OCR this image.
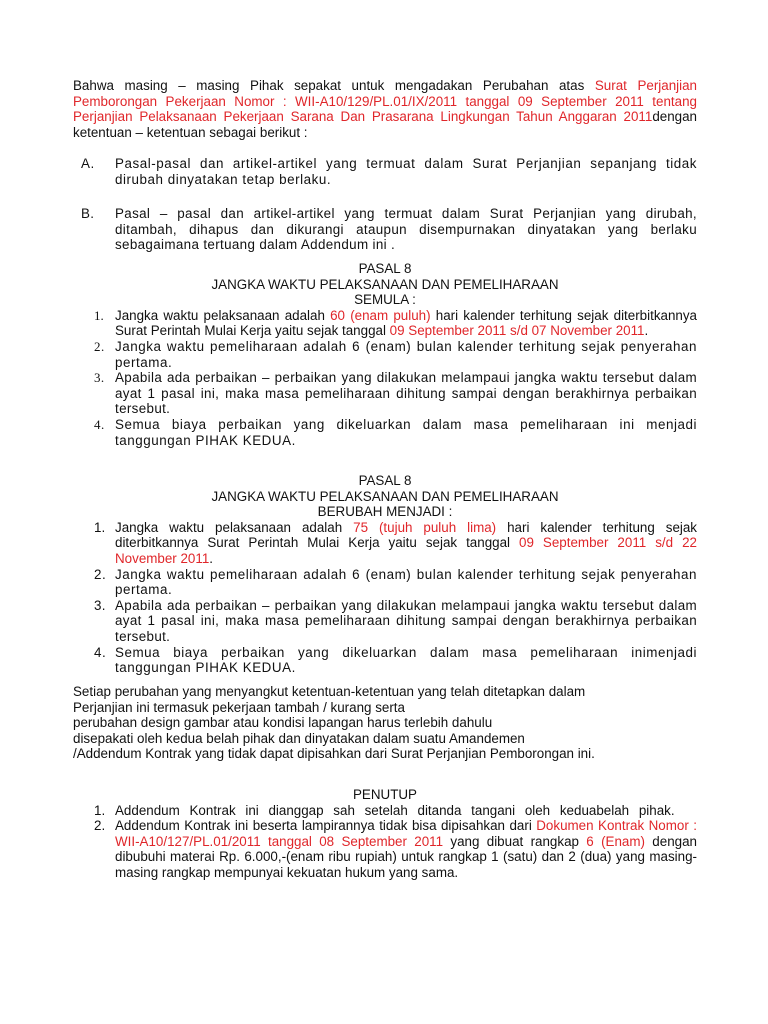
Bahwa masing – masing Pihak sepakat untuk mengadakan Perubahan atas Surat Perjanjian Pemborongan Pekerjaan Nomor : WII-A10/129/PL.01/IX/2011 tanggal 09 September 2011 tentang Perjanjian Pelaksanaan Pekerjaan Sarana Dan Prasarana Lingkungan Tahun Anggaran 2011dengan ketentuan – ketentuan sebagai berikut :
A. Pasal-pasal dan artikel-artikel yang termuat dalam Surat Perjanjian sepanjang tidak dirubah dinyatakan tetap berlaku.
B. Pasal – pasal dan artikel-artikel yang termuat dalam Surat Perjanjian yang dirubah, ditambah, dihapus dan dikurangi ataupun disempurnakan dinyatakan yang berlaku sebagaimana tertuang dalam Addendum ini .
PASAL 8
JANGKA WAKTU PELAKSANAAN DAN PEMELIHARAAN
SEMULA :
1. Jangka waktu pelaksanaan adalah 60 (enam puluh) hari kalender terhitung sejak diterbitkannya Surat Perintah Mulai Kerja yaitu sejak tanggal 09 September 2011 s/d 07 November 2011.
2. Jangka waktu pemeliharaan adalah 6 (enam) bulan kalender terhitung sejak penyerahan pertama.
3. Apabila ada perbaikan – perbaikan yang dilakukan melampaui jangka waktu tersebut dalam ayat 1 pasal ini, maka masa pemeliharaan dihitung sampai dengan berakhirnya perbaikan tersebut.
4. Semua biaya perbaikan yang dikeluarkan dalam masa pemeliharaan ini menjadi tanggungan PIHAK KEDUA.
PASAL 8
JANGKA WAKTU PELAKSANAAN DAN PEMELIHARAAN
BERUBAH MENJADI :
1. Jangka waktu pelaksanaan adalah 75 (tujuh puluh lima) hari kalender terhitung sejak diterbitkannya Surat Perintah Mulai Kerja yaitu sejak tanggal 09 September 2011 s/d 22 November 2011.
2. Jangka waktu pemeliharaan adalah 6 (enam) bulan kalender terhitung sejak penyerahan pertama.
3. Apabila ada perbaikan – perbaikan yang dilakukan melampaui jangka waktu tersebut dalam ayat 1 pasal ini, maka masa pemeliharaan dihitung sampai dengan berakhirnya perbaikan tersebut.
4. Semua biaya perbaikan yang dikeluarkan dalam masa pemeliharaan inimenjadi tanggungan PIHAK KEDUA.
Setiap perubahan yang menyangkut ketentuan-ketentuan yang telah ditetapkan dalam
Perjanjian ini termasuk pekerjaan tambah / kurang serta
perubahan design gambar atau kondisi lapangan harus terlebih dahulu
disepakati oleh kedua belah pihak dan dinyatakan dalam suatu Amandemen
/Addendum Kontrak yang tidak dapat dipisahkan dari Surat Perjanjian Pemborongan ini.
PENUTUP
1. Addendum Kontrak ini dianggap sah setelah ditanda tangani oleh keduabelah pihak.
2. Addendum Kontrak ini beserta lampirannya tidak bisa dipisahkan dari Dokumen Kontrak Nomor : WII-A10/127/PL.01/2011 tanggal 08 September 2011 yang dibuat rangkap 6 (Enam) dengan dibubuhi materai Rp. 6.000,-(enam ribu rupiah) untuk rangkap 1 (satu) dan 2 (dua) yang masing-masing rangkap mempunyai kekuatan hukum yang sama.
